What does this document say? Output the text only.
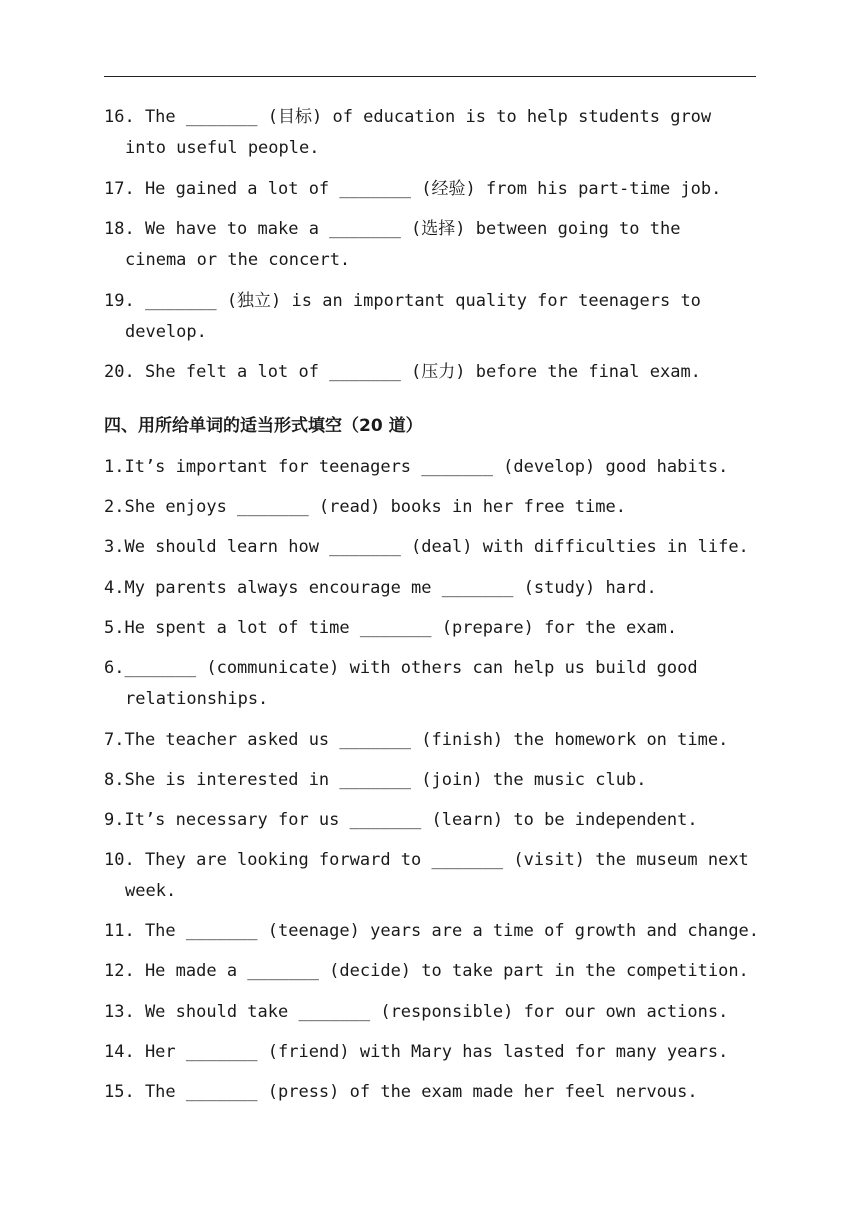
16. The _______ (目标) of education is to help students grow
into useful people.
17. He gained a lot of _______ (经验) from his part-time job.
18. We have to make a _______ (选择) between going to the
cinema or the concert.
19. _______ (独立) is an important quality for teenagers to
develop.
20. She felt a lot of _______ (压力) before the final exam.
四、用所给单词的适当形式填空（20 道）
1.It’s important for teenagers _______ (develop) good habits.
2.She enjoys _______ (read) books in her free time.
3.We should learn how _______ (deal) with difficulties in life.
4.My parents always encourage me _______ (study) hard.
5.He spent a lot of time _______ (prepare) for the exam.
6._______ (communicate) with others can help us build good
relationships.
7.The teacher asked us _______ (finish) the homework on time.
8.She is interested in _______ (join) the music club.
9.It’s necessary for us _______ (learn) to be independent.
10. They are looking forward to _______ (visit) the museum next
week.
11. The _______ (teenage) years are a time of growth and change.
12. He made a _______ (decide) to take part in the competition.
13. We should take _______ (responsible) for our own actions.
14. Her _______ (friend) with Mary has lasted for many years.
15. The _______ (press) of the exam made her feel nervous.
